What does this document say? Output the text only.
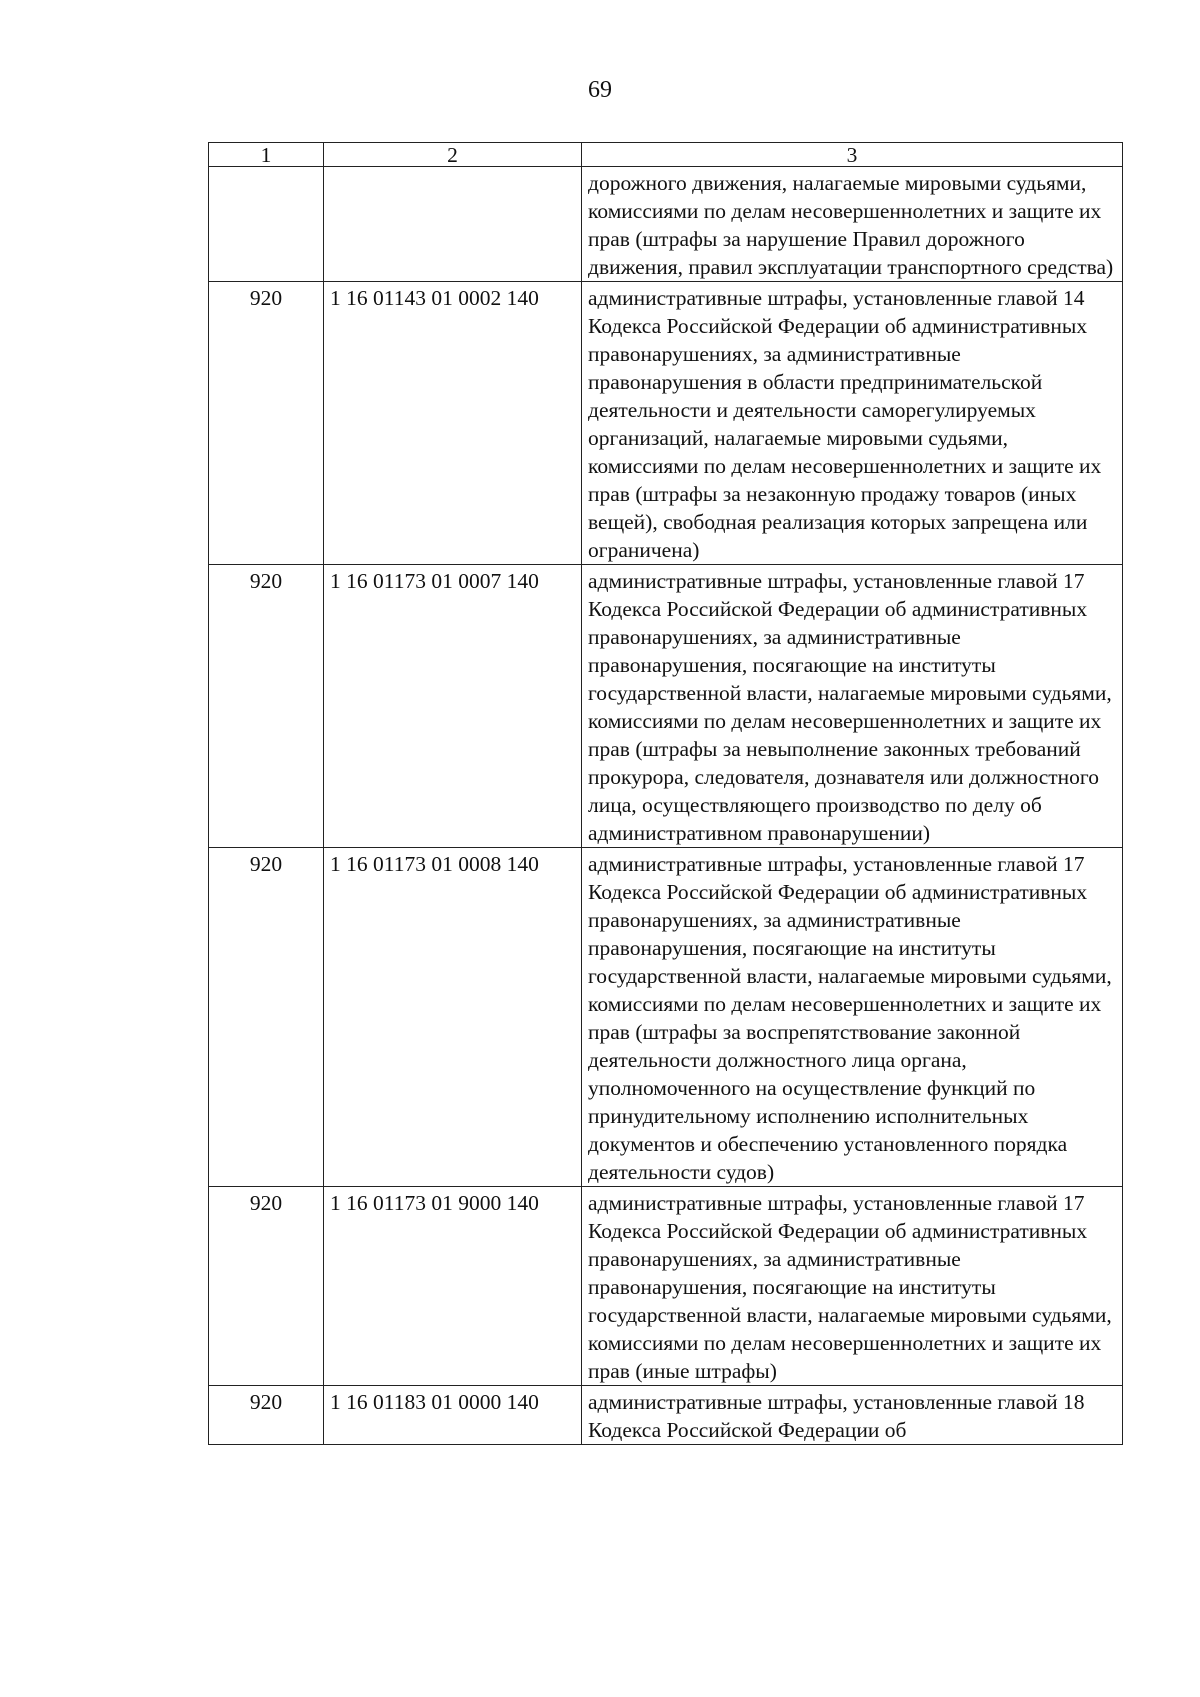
69
1	2	3
		дорожного движения, налагаемые мировыми судьями, комиссиями по делам несовершеннолетних и защите их прав (штрафы за нарушение Правил дорожного движения, правил эксплуатации транспортного средства)
920	1 16 01143 01 0002 140	административные штрафы, установленные главой 14 Кодекса Российской Федерации об административных правонарушениях, за административные правонарушения в области предпринимательской деятельности и деятельности саморегулируемых организаций, налагаемые мировыми судьями, комиссиями по делам несовершеннолетних и защите их прав (штрафы за незаконную продажу товаров (иных вещей), свободная реализация которых запрещена или ограничена)
920	1 16 01173 01 0007 140	административные штрафы, установленные главой 17 Кодекса Российской Федерации об административных правонарушениях, за административные правонарушения, посягающие на институты государственной власти, налагаемые мировыми судьями, комиссиями по делам несовершеннолетних и защите их прав (штрафы за невыполнение законных требований прокурора, следователя, дознавателя или должностного лица, осуществляющего производство по делу об административном правонарушении)
920	1 16 01173 01 0008 140	административные штрафы, установленные главой 17 Кодекса Российской Федерации об административных правонарушениях, за административные правонарушения, посягающие на институты государственной власти, налагаемые мировыми судьями, комиссиями по делам несовершеннолетних и защите их прав (штрафы за воспрепятствование законной деятельности должностного лица органа, уполномоченного на осуществление функций по принудительному исполнению исполнительных документов и обеспечению установленного порядка деятельности судов)
920	1 16 01173 01 9000 140	административные штрафы, установленные главой 17 Кодекса Российской Федерации об административных правонарушениях, за административные правонарушения, посягающие на институты государственной власти, налагаемые мировыми судьями, комиссиями по делам несовершеннолетних и защите их прав (иные штрафы)
920	1 16 01183 01 0000 140	административные штрафы, установленные главой 18 Кодекса Российской Федерации об
